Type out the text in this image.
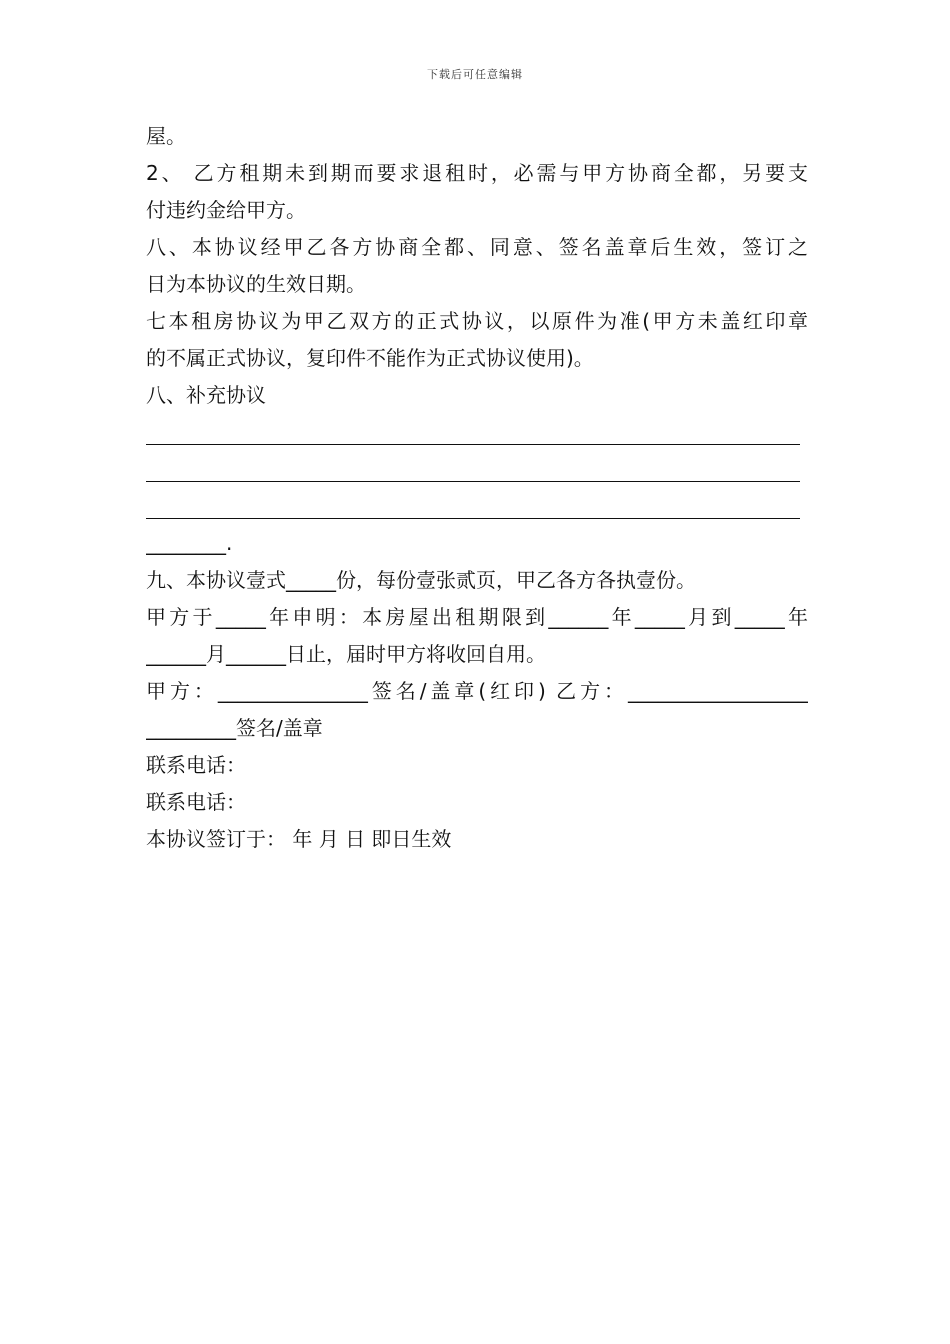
下载后可任意编辑
屋。
2、 乙方租期未到期而要求退租时，必需与甲方协商全都，另要支
付违约金给甲方。
八、本协议经甲乙各方协商全都、同意、签名盖章后生效，签订之
日为本协议的生效日期。
七本租房协议为甲乙双方的正式协议，以原件为准(甲方未盖红印章
的不属正式协议，复印件不能作为正式协议使用)。
八、补充协议
________.
九、本协议壹式_____份，每份壹张贰页，甲乙各方各执壹份。
甲方于_____年申明：本房屋出租期限到______年_____月到_____年
______月______日止，届时甲方将收回自用。
甲方：_______________签名/盖章(红印) 乙方：__________________
_________签名/盖章
联系电话：
联系电话：
本协议签订于： 年 月 日 即日生效
